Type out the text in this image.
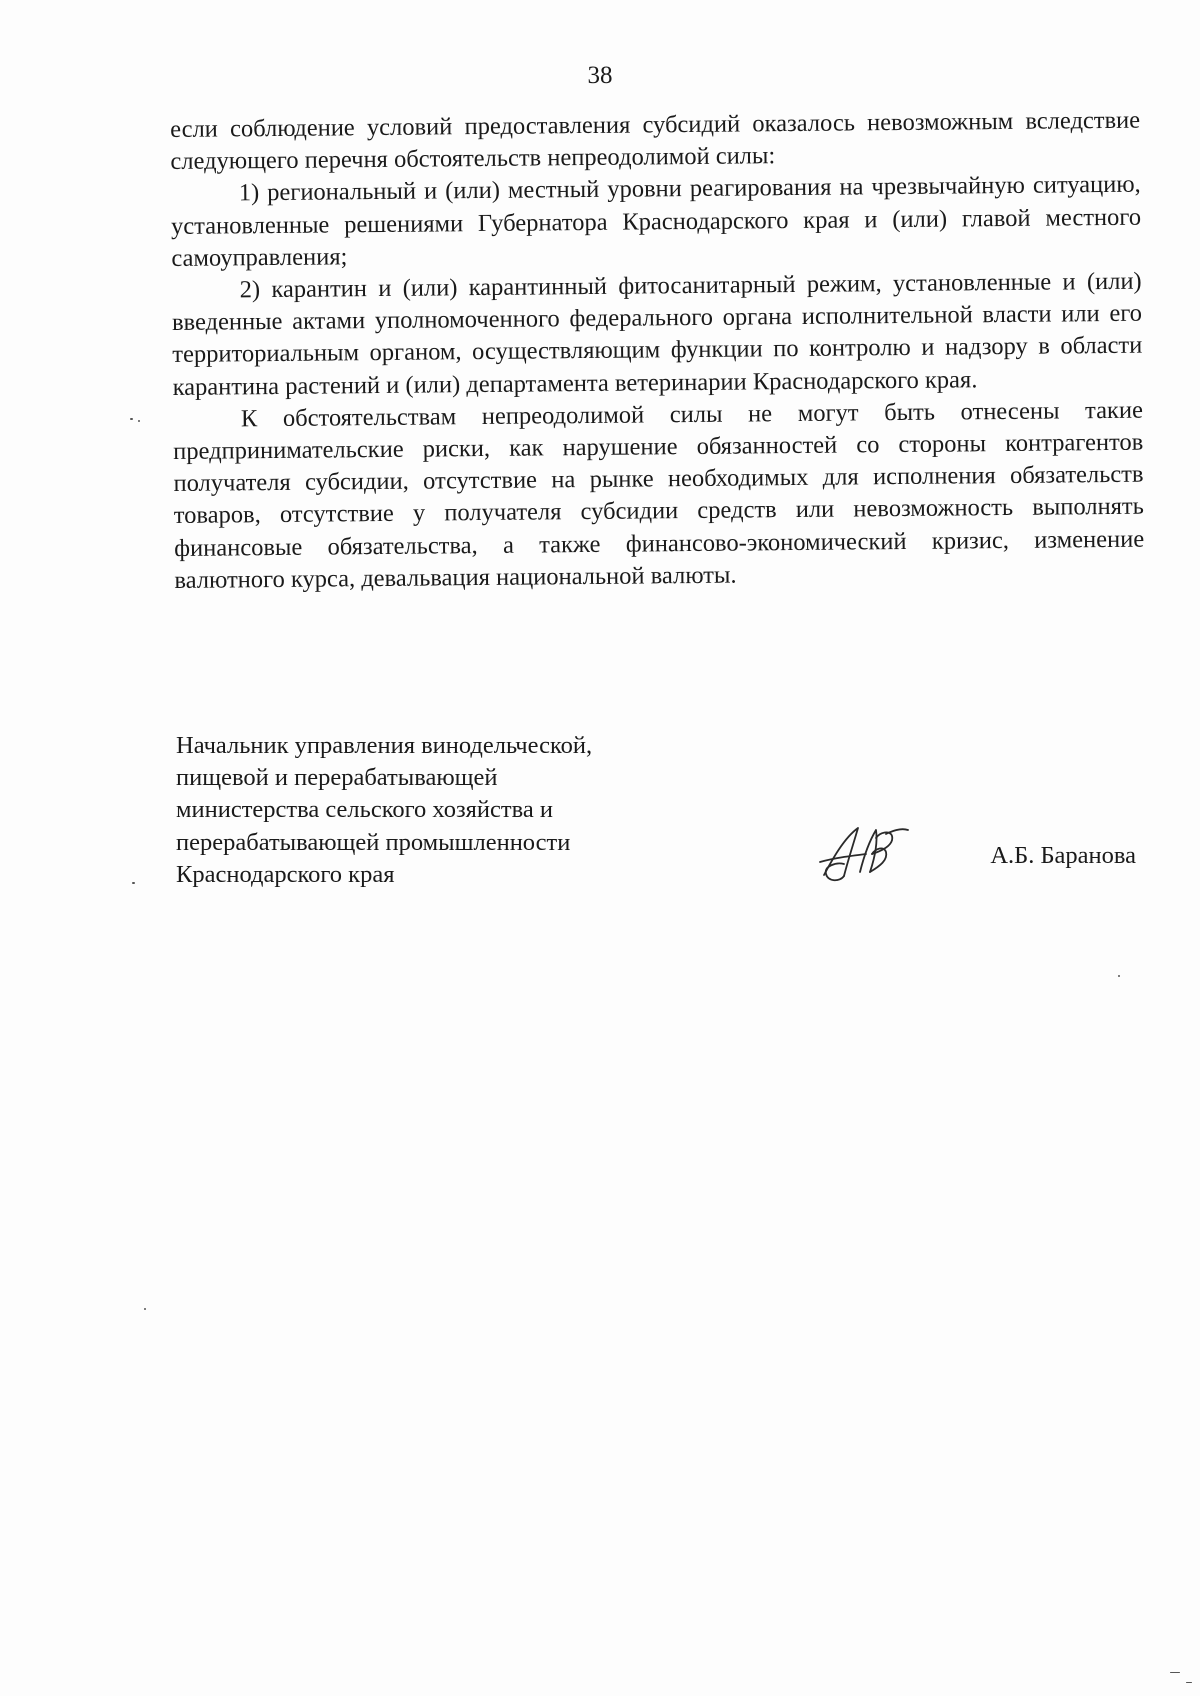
38

если соблюдение условий предоставления субсидий оказалось невозможным вследствие следующего перечня обстоятельств непреодолимой силы:

1) региональный и (или) местный уровни реагирования на чрезвычайную ситуацию, установленные решениями Губернатора Краснодарского края и (или) главой местного самоуправления;

2) карантин и (или) карантинный фитосанитарный режим, установленные и (или) введенные актами уполномоченного федерального органа исполнительной власти или его территориальным органом, осуществляющим функции по контролю и надзору в области карантина растений и (или) департамента ветеринарии Краснодарского края.

К обстоятельствам непреодолимой силы не могут быть отнесены такие предпринимательские риски, как нарушение обязанностей со стороны контрагентов получателя субсидии, отсутствие на рынке необходимых для исполнения обязательств товаров, отсутствие у получателя субсидии средств или невозможность выполнять финансовые обязательства, а также финансово-экономический кризис, изменение валютного курса, девальвация национальной валюты.

Начальник управления винодельческой,
пищевой и перерабатывающей
министерства сельского хозяйства и
перерабатывающей промышленности
Краснодарского края
А.Б. Баранова
